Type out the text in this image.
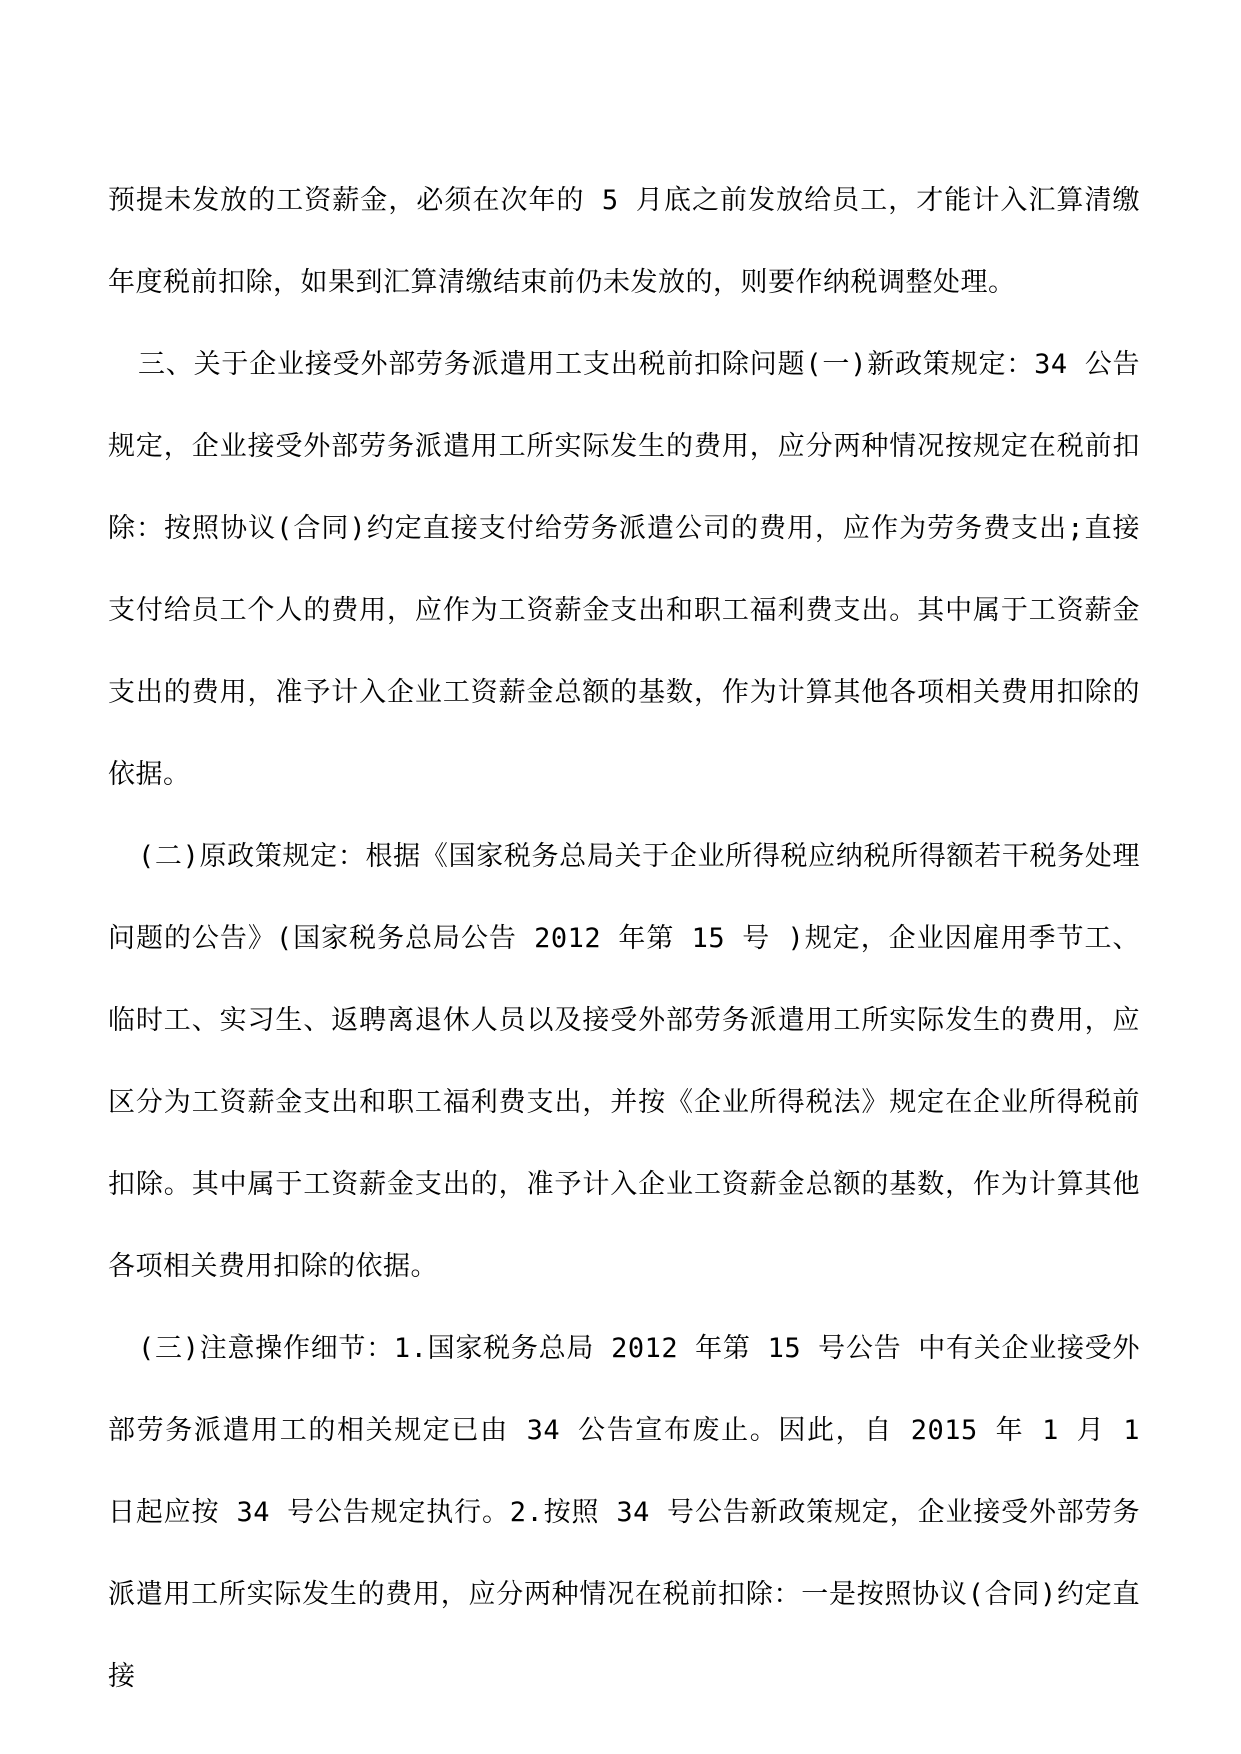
预提未发放的工资薪金，必须在次年的 5 月底之前发放给员工，才能计入汇算清缴年度税前扣除，如果到汇算清缴结束前仍未发放的，则要作纳税调整处理。

三、关于企业接受外部劳务派遣用工支出税前扣除问题(一)新政策规定：34 公告规定，企业接受外部劳务派遣用工所实际发生的费用，应分两种情况按规定在税前扣除：按照协议(合同)约定直接支付给劳务派遣公司的费用，应作为劳务费支出;直接支付给员工个人的费用，应作为工资薪金支出和职工福利费支出。其中属于工资薪金支出的费用，准予计入企业工资薪金总额的基数，作为计算其他各项相关费用扣除的依据。

(二)原政策规定：根据《国家税务总局关于企业所得税应纳税所得额若干税务处理问题的公告》(国家税务总局公告 2012 年第 15 号 )规定，企业因雇用季节工、临时工、实习生、返聘离退休人员以及接受外部劳务派遣用工所实际发生的费用，应区分为工资薪金支出和职工福利费支出，并按《企业所得税法》规定在企业所得税前扣除。其中属于工资薪金支出的，准予计入企业工资薪金总额的基数，作为计算其他各项相关费用扣除的依据。

(三)注意操作细节：1.国家税务总局 2012 年第 15 号公告 中有关企业接受外部劳务派遣用工的相关规定已由 34 公告宣布废止。因此，自 2015 年 1 月 1 日起应按 34 号公告规定执行。2.按照 34 号公告新政策规定，企业接受外部劳务派遣用工所实际发生的费用，应分两种情况在税前扣除：一是按照协议(合同)约定直接
